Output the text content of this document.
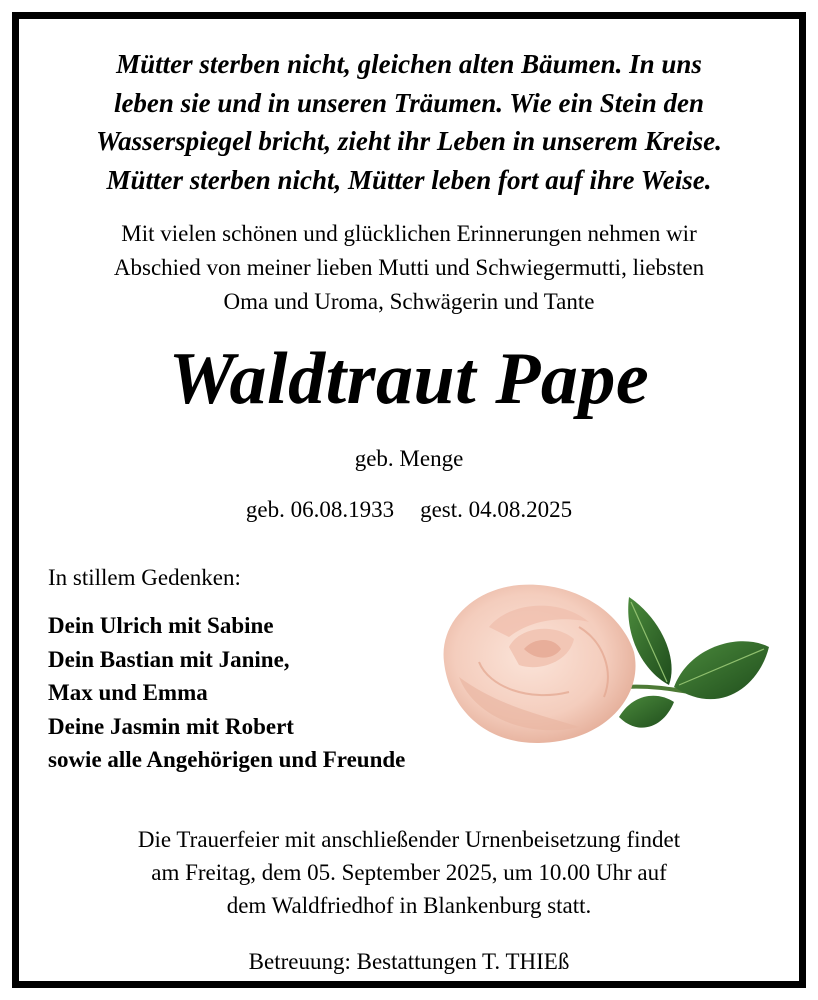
Mütter sterben nicht, gleichen alten Bäumen. In uns
leben sie und in unseren Träumen. Wie ein Stein den
Wasserspiegel bricht, zieht ihr Leben in unserem Kreise.
Mütter sterben nicht, Mütter leben fort auf ihre Weise.
Mit vielen schönen und glücklichen Erinnerungen nehmen wir
Abschied von meiner lieben Mutti und Schwiegermutti, liebsten
Oma und Uroma, Schwägerin und Tante
Waldtraut Pape
geb. Menge
geb. 06.08.1933 gest. 04.08.2025
In stillem Gedenken:
Dein Ulrich mit Sabine
Dein Bastian mit Janine,
Max und Emma
Deine Jasmin mit Robert
sowie alle Angehörigen und Freunde
Die Trauerfeier mit anschließender Urnenbeisetzung findet
am Freitag, dem 05. September 2025, um 10.00 Uhr auf
dem Waldfriedhof in Blankenburg statt.
Betreuung: Bestattungen T. THIEß
